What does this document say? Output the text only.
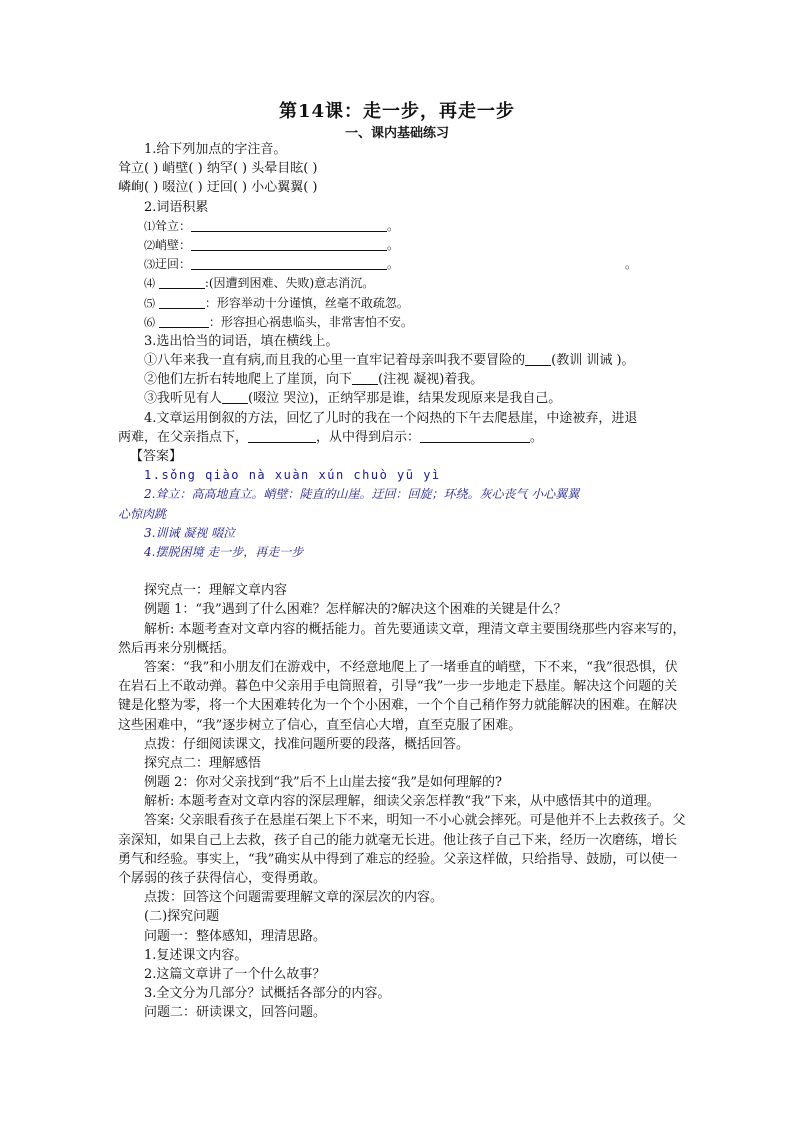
第14课：走一步，再走一步
一、课内基础练习
1.给下列加点的字注音。
耸立( ) 峭壁( ) 纳罕( ) 头晕目眩( )
嶙峋( ) 啜泣( ) 迂回( ) 小心翼翼( )
2.词语积累
⑴耸立：	。
⑵峭壁：	。
⑶迂回：	。	。
⑷	:(因遭到困难、失败)意志消沉。
⑸	：形容举动十分谨慎，丝毫不敢疏忽。
⑹	：形容担心祸患临头，非常害怕不安。
3.选出恰当的词语，填在横线上。
①八年来我一直有病,而且我的心里一直牢记着母亲叫我不要冒险的 (教训 训诫 )。
②他们左折右转地爬上了崖顶，向下 (注视 凝视)着我。
③我听见有人 (啜泣 哭泣)，正纳罕那是谁，结果发现原来是我自己。
4.文章运用倒叙的方法，回忆了儿时的我在一个闷热的下午去爬悬崖，中途被弃，进退
两难，在父亲指点下，	，从中得到启示：	。
【答案】
1.sǒng qiào nà xuàn xún chuò yū yì
2.耸立：高高地直立。峭壁：陡直的山崖。迂回：回旋；环绕。灰心丧气 小心翼翼
心惊肉跳
3.训诫 凝视 啜泣
4.摆脱困境 走一步，再走一步
探究点一：理解文章内容
例题 1：“我”遇到了什么困难？怎样解决的?解决这个困难的关键是什么？
解析: 本题考查对文章内容的概括能力。首先要通读文章，理清文章主要围绕那些内容来写的，然后再来分别概括。
答案：“我”和小朋友们在游戏中，不经意地爬上了一堵垂直的峭壁，下不来，“我”很恐惧，伏在岩石上不敢动弹。暮色中父亲用手电筒照着，引导“我”一步一步地走下悬崖。解决这个问题的关键是化整为零，将一个大困难转化为一个个小困难，一个个自己稍作努力就能解决的困难。在解决这些困难中，“我”逐步树立了信心，直至信心大增，直至克服了困难。
点拨：仔细阅读课文，找准问题所要的段落，概括回答。
探究点二：理解感悟
例题 2：你对父亲找到“我”后不上山崖去接“我”是如何理解的?
解析: 本题考查对文章内容的深层理解，细读父亲怎样教“我”下来，从中感悟其中的道理。
答案: 父亲眼看孩子在悬崖石架上下不来，明知一不小心就会摔死。可是他并不上去救孩子。父亲深知，如果自己上去救，孩子自己的能力就毫无长进。他让孩子自己下来，经历一次磨练，增长勇气和经验。事实上，“我”确实从中得到了难忘的经验。父亲这样做，只给指导、鼓励，可以使一个孱弱的孩子获得信心，变得勇敢。
点拨：回答这个问题需要理解文章的深层次的内容。
(二)探究问题
问题一：整体感知，理清思路。
1.复述课文内容。
2.这篇文章讲了一个什么故事？
3.全文分为几部分？试概括各部分的内容。
问题二：研读课文，回答问题。
